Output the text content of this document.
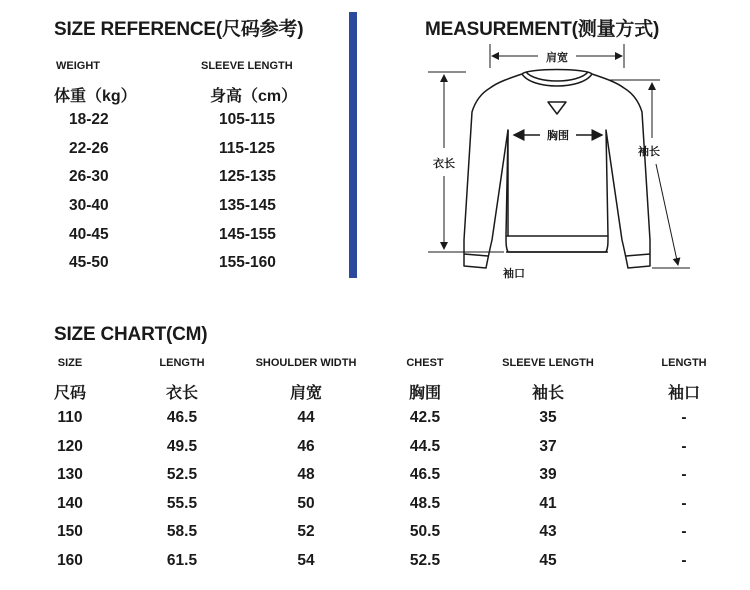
SIZE REFERENCE(尺码参考)
WEIGHT	SLEEVE LENGTH
体重（kg）	身高（cm）
18-22	105-115
22-26	115-125
26-30	125-135
30-40	135-145
40-45	145-155
45-50	155-160
MEASUREMENT(测量方式)
肩宽
胸围
衣长
袖长
袖口
SIZE CHART(CM)
SIZE	LENGTH	SHOULDER WIDTH	CHEST	SLEEVE LENGTH	LENGTH
尺码	衣长	肩宽	胸围	袖长	袖口
110	46.5	44	42.5	35	-
120	49.5	46	44.5	37	-
130	52.5	48	46.5	39	-
140	55.5	50	48.5	41	-
150	58.5	52	50.5	43	-
160	61.5	54	52.5	45	-
